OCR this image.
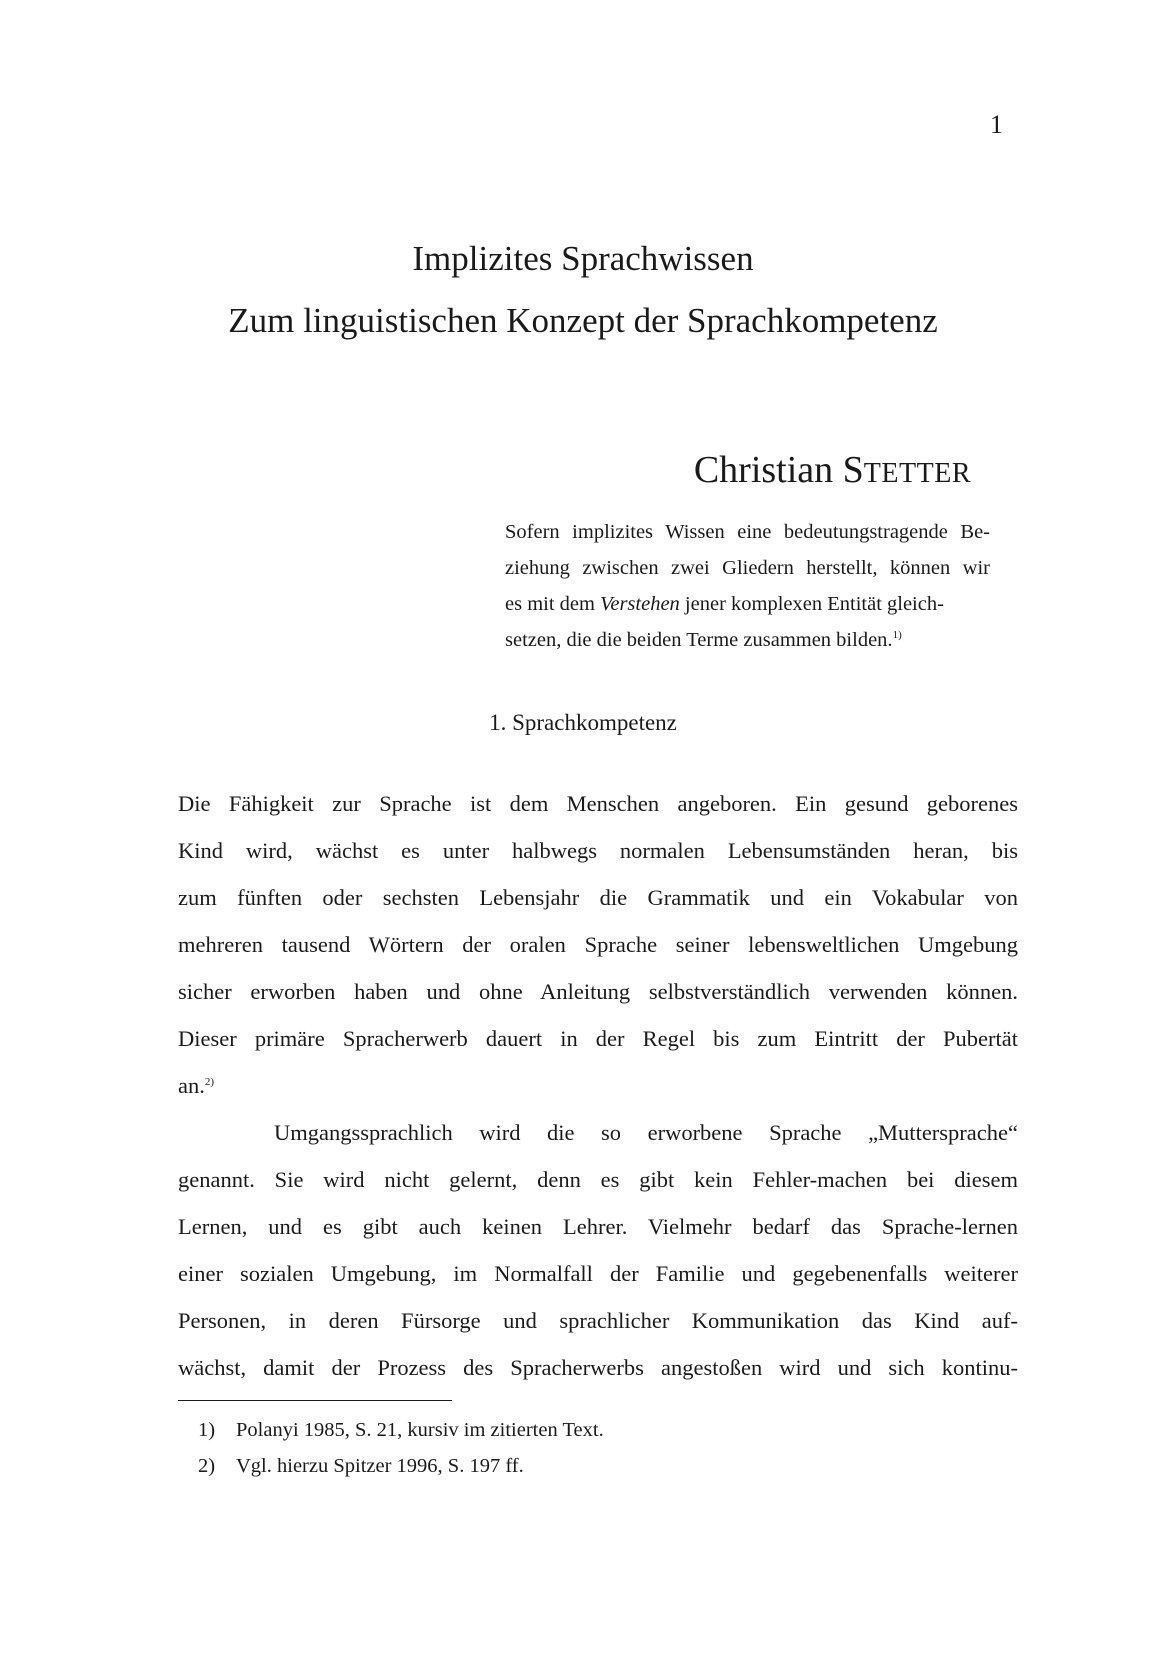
1
Implizites Sprachwissen
Zum linguistischen Konzept der Sprachkompetenz
Christian STETTER
Sofern implizites Wissen eine bedeutungstragende Be-
ziehung zwischen zwei Gliedern herstellt, können wir
es mit dem Verstehen jener komplexen Entität gleich-
setzen, die die beiden Terme zusammen bilden.$^{1)}$
1. Sprachkompetenz
Die Fähigkeit zur Sprache ist dem Menschen angeboren. Ein gesund geborenes
Kind wird, wächst es unter halbwegs normalen Lebensumständen heran, bis
zum fünften oder sechsten Lebensjahr die Grammatik und ein Vokabular von
mehreren tausend Wörtern der oralen Sprache seiner lebensweltlichen Umgebung
sicher erworben haben und ohne Anleitung selbstverständlich verwenden können.
Dieser primäre Spracherwerb dauert in der Regel bis zum Eintritt der Pubertät
an.$^{2)}$
Umgangssprachlich wird die so erworbene Sprache „Muttersprache“
genannt. Sie wird nicht gelernt, denn es gibt kein Fehler-machen bei diesem
Lernen, und es gibt auch keinen Lehrer. Vielmehr bedarf das Sprache-lernen
einer sozialen Umgebung, im Normalfall der Familie und gegebenenfalls weiterer
Personen, in deren Fürsorge und sprachlicher Kommunikation das Kind auf-
wächst, damit der Prozess des Spracherwerbs angestoßen wird und sich kontinu-
1) Polanyi 1985, S. 21, kursiv im zitierten Text.
2) Vgl. hierzu Spitzer 1996, S. 197 ff.
